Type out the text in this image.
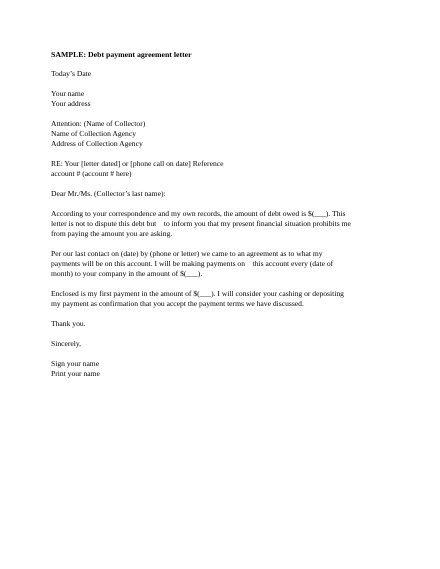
SAMPLE: Debt payment agreement letter
Today’s Date
Your name
Your address
Attention: (Name of Collector)
Name of Collection Agency
Address of Collection Agency
RE: Your [letter dated] or [phone call on date] Reference
account # (account # here)
Dear Mr./Ms. (Collector’s last name):
According to your correspondence and my own records, the amount of debt owed is $(___). This
letter is not to dispute this debt but    to inform you that my present financial situation prohibits me
from paying the amount you are asking.
Per our last contact on (date) by (phone or letter) we came to an agreement as to what my
payments will be on this account. I will be making payments on    this account every (date of
month) to your company in the amount of $(___).
Enclosed is my first payment in the amount of $(___). I will consider your cashing or depositing
my payment as confirmation that you accept the payment terms we have discussed.
Thank you.
Sincerely,
Sign your name
Print your name
